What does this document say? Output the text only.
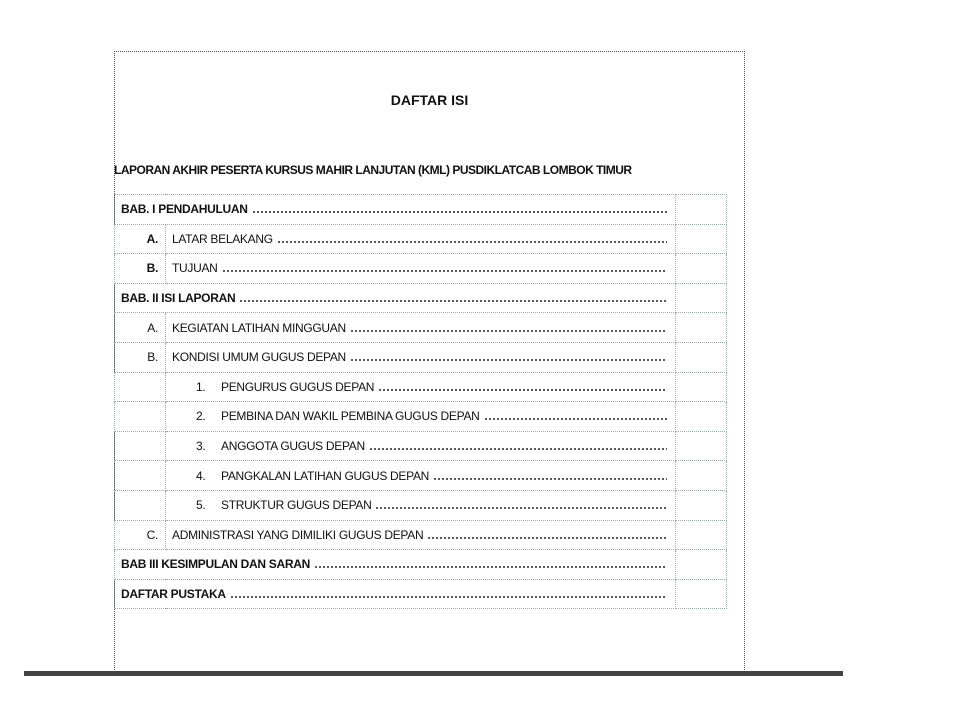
DAFTAR ISI
LAPORAN AKHIR PESERTA KURSUS MAHIR LANJUTAN (KML) PUSDIKLATCAB LOMBOK TIMUR
BAB. I PENDAHULUAN		

A.	LATAR BELAKANG	

B.	TUJUAN	

BAB. II ISI LAPORAN		

A.	KEGIATAN LATIHAN MINGGUAN	

B.	KONDISI UMUM GUGUS DEPAN	

	1. PENGURUS GUGUS DEPAN	

	2. PEMBINA DAN WAKIL PEMBINA GUGUS DEPAN	

	3. ANGGOTA GUGUS DEPAN	

	4. PANGKALAN LATIHAN GUGUS DEPAN	

	5. STRUKTUR GUGUS DEPAN	

C.	ADMINISTRASI YANG DIMILIKI GUGUS DEPAN	

BAB III KESIMPULAN DAN SARAN		

DAFTAR PUSTAKA		
